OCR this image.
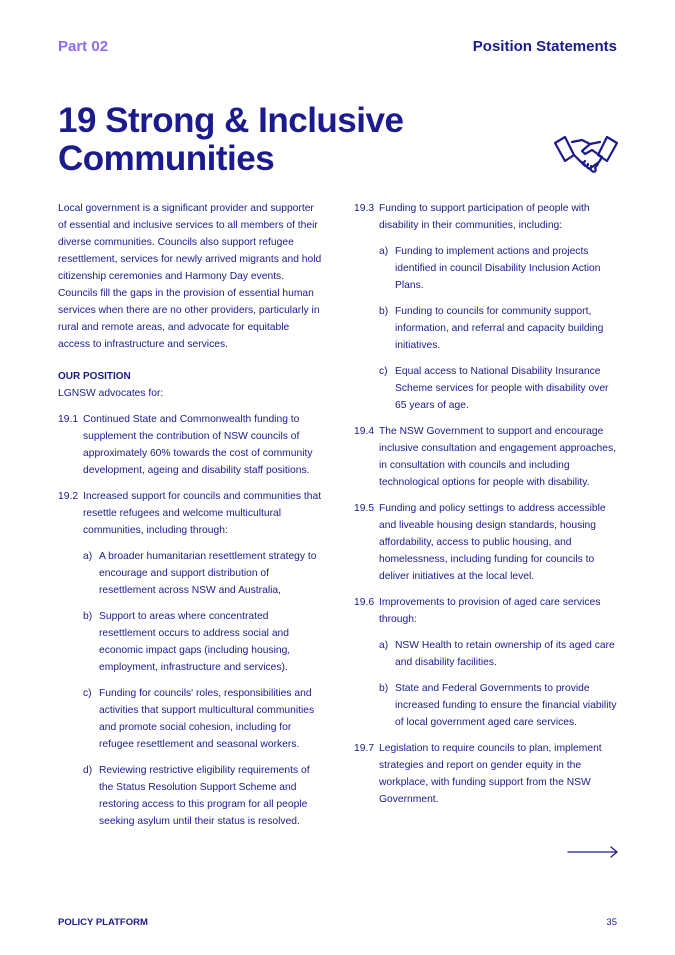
Part 02	Position Statements
19 Strong & Inclusive
Communities

Local government is a significant provider and supporter of essential and inclusive services to all members of their diverse communities. Councils also support refugee resettlement, services for newly arrived migrants and hold citizenship ceremonies and Harmony Day events. Councils fill the gaps in the provision of essential human services when there are no other providers, particularly in rural and remote areas, and advocate for equitable access to infrastructure and services.

OUR POSITION

LGNSW advocates for:

19.1 Continued State and Commonwealth funding to supplement the contribution of NSW councils of approximately 60% towards the cost of community development, ageing and disability staff positions.

19.2 Increased support for councils and communities that resettle refugees and welcome multicultural communities, including through:

a) A broader humanitarian resettlement strategy to encourage and support distribution of resettlement across NSW and Australia,
b) Support to areas where concentrated resettlement occurs to address social and economic impact gaps (including housing, employment, infrastructure and services).
c) Funding for councils' roles, responsibilities and activities that support multicultural communities and promote social cohesion, including for refugee resettlement and seasonal workers.
d) Reviewing restrictive eligibility requirements of the Status Resolution Support Scheme and restoring access to this program for all people seeking asylum until their status is resolved.
19.3 Funding to support participation of people with disability in their communities, including:

a) Funding to implement actions and projects identified in council Disability Inclusion Action Plans.
b) Funding to councils for community support, information, and referral and capacity building initiatives.
c) Equal access to National Disability Insurance Scheme services for people with disability over 65 years of age.
19.4 The NSW Government to support and encourage inclusive consultation and engagement approaches, in consultation with councils and including technological options for people with disability.

19.5 Funding and policy settings to address accessible and liveable housing design standards, housing affordability, access to public housing, and homelessness, including funding for councils to deliver initiatives at the local level.

19.6 Improvements to provision of aged care services through:

a) NSW Health to retain ownership of its aged care and disability facilities.
b) State and Federal Governments to provide increased funding to ensure the financial viability of local government aged care services.
19.7 Legislation to require councils to plan, implement strategies and report on gender equity in the workplace, with funding support from the NSW Government.

POLICY PLATFORM	35
